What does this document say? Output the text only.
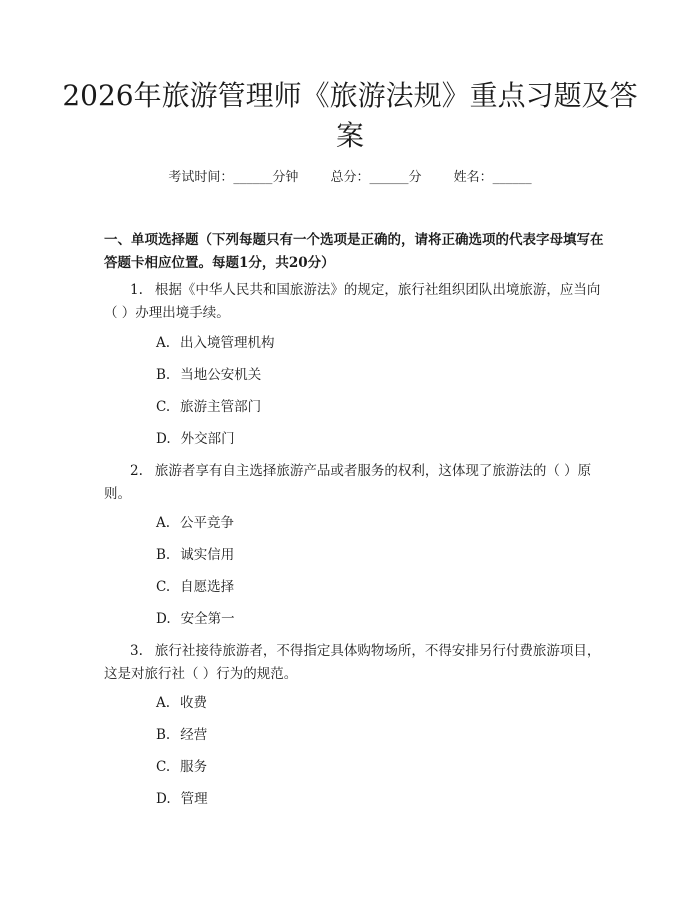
2026年旅游管理师《旅游法规》重点习题及答案
考试时间：______分钟 总分：______分 姓名：______

一、单项选择题（下列每题只有一个选项是正确的，请将正确选项的代表字母填写在答题卡相应位置。每题1分，共20分）

1. 根据《中华人民共和国旅游法》的规定，旅行社组织团队出境旅游，应当向（ ）办理出境手续。

A. 出入境管理机构

B. 当地公安机关

C. 旅游主管部门

D. 外交部门

2. 旅游者享有自主选择旅游产品或者服务的权利，这体现了旅游法的（ ）原则。

A. 公平竞争

B. 诚实信用

C. 自愿选择

D. 安全第一

3. 旅行社接待旅游者，不得指定具体购物场所，不得安排另行付费旅游项目，这是对旅行社（ ）行为的规范。

A. 收费

B. 经营

C. 服务

D. 管理
